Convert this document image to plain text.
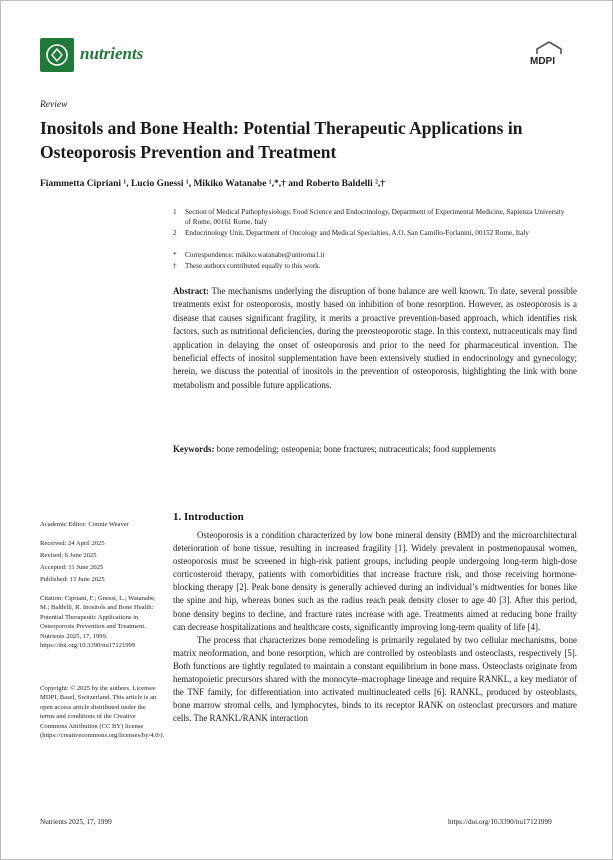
nutrients	MDPI
Review
Inositols and Bone Health: Potential Therapeutic Applications in Osteoporosis Prevention and Treatment
Fiammetta Cipriani ¹, Lucio Gnessi ¹, Mikiko Watanabe ¹,*,† and Roberto Baldelli ²,†
1 Section of Medical Pathophysiology, Food Science and Endocrinology, Department of Experimental Medicine, Sapienza University of Rome, 00161 Rome, Italy
2 Endocrinology Unit, Department of Oncology and Medical Specialties, A.O. San Camillo-Forlanini, 00152 Rome, Italy
* Correspondence: mikiko.watanabe@uniroma1.it
† These authors contributed equally to this work.
Abstract: The mechanisms underlying the disruption of bone balance are well known. To date, several possible treatments exist for osteoporosis, mostly based on inhibition of bone resorption. However, as osteoporosis is a disease that causes significant fragility, it merits a proactive prevention-based approach, which identifies risk factors, such as nutritional deficiencies, during the preosteoporotic stage. In this context, nutraceuticals may find application in delaying the onset of osteoporosis and prior to the need for pharmaceutical invention. The beneficial effects of inositol supplementation have been extensively studied in endocrinology and gynecology; herein, we discuss the potential of inositols in the prevention of osteoporosis, highlighting the link with bone metabolism and possible future applications.
Keywords: bone remodeling; osteopenia; bone fractures; nutraceuticals; food supplements
Academic Editor: Connie Weaver
Received: 24 April 2025
Revised: 6 June 2025
Accepted: 11 June 2025
Published: 13 June 2025
Citation: Cipriani, F.; Gnessi, L.; Watanabe, M.; Baldelli, R. Inositols and Bone Health: Potential Therapeutic Applications in Osteoporosis Prevention and Treatment. Nutrients 2025, 17, 1999. https://doi.org/10.3390/nu17121999
Copyright: © 2025 by the authors. Licensee MDPI, Basel, Switzerland. This article is an open access article distributed under the terms and conditions of the Creative Commons Attribution (CC BY) license (https://creativecommons.org/licenses/by/4.0/).
1. Introduction

Osteoporosis is a condition characterized by low bone mineral density (BMD) and the microarchitectural deterioration of bone tissue, resulting in increased fragility [1]. Widely prevalent in postmenopausal women, osteoporosis must be screened in high-risk patient groups, including people undergoing long-term high-dose corticosteroid therapy, patients with comorbidities that increase fracture risk, and those receiving hormone-blocking therapy [2]. Peak bone density is generally achieved during an individual’s midtwenties for bones like the spine and hip, whereas bones such as the radius reach peak density closer to age 40 [3]. After this period, bone density begins to decline, and fracture rates increase with age. Treatments aimed at reducing bone frailty can decrease hospitalizations and healthcare costs, significantly improving long-term quality of life [4].

The process that characterizes bone remodeling is primarily regulated by two cellular mechanisms, bone matrix neoformation, and bone resorption, which are controlled by osteoblasts and osteoclasts, respectively [5]. Both functions are tightly regulated to maintain a constant equilibrium in bone mass. Osteoclasts originate from hematopoietic precursors shared with the monocyte–macrophage lineage and require RANKL, a key mediator of the TNF family, for differentiation into activated multinucleated cells [6]. RANKL, produced by osteoblasts, bone marrow stromal cells, and lymphocytes, binds to its receptor RANK on osteoclast precursors and mature cells. The RANKL/RANK interaction

Nutrients 2025, 17, 1999	https://doi.org/10.3390/nu17121999
